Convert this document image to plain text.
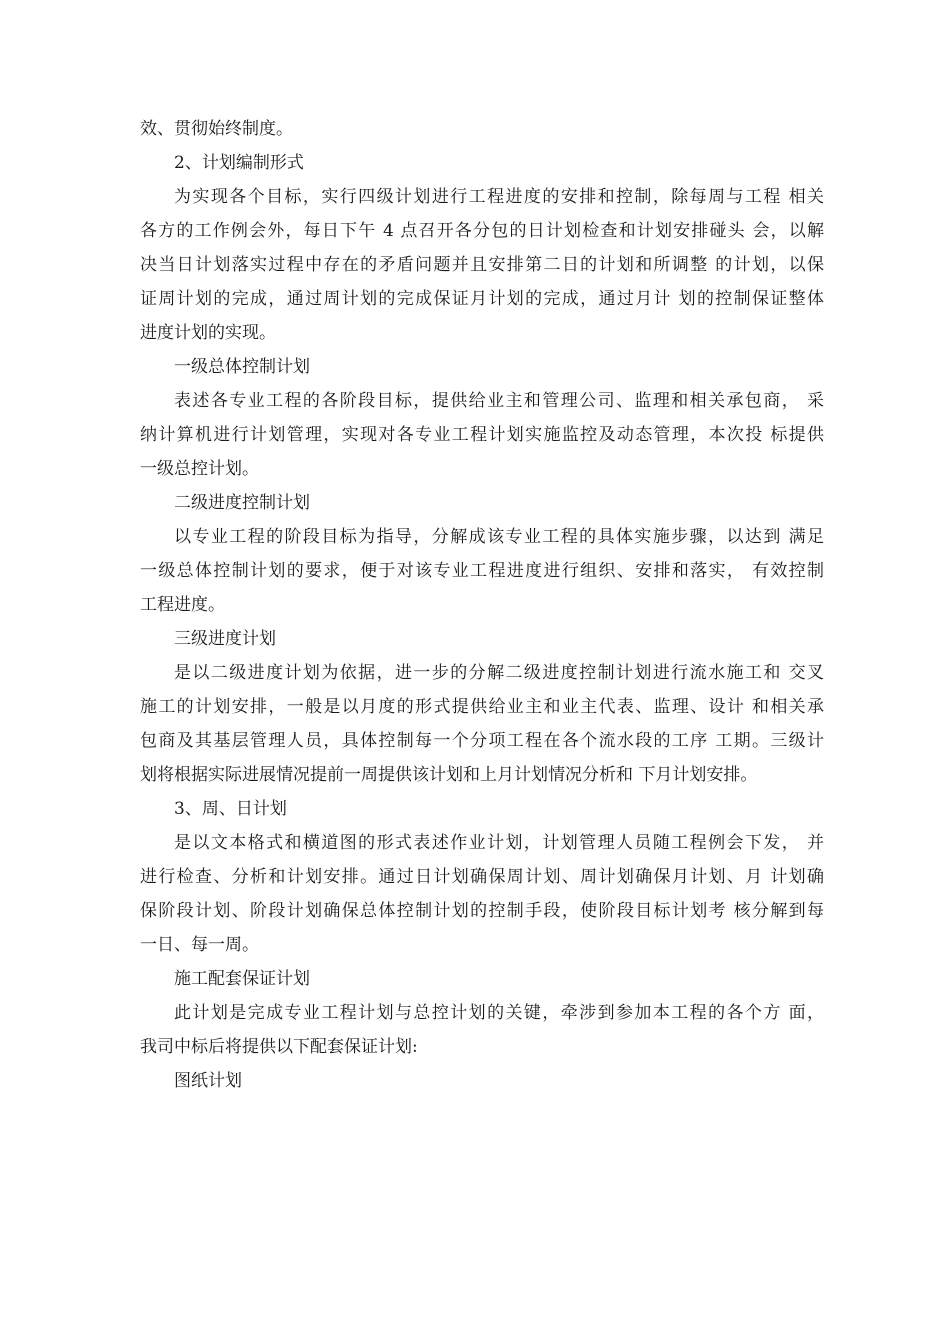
效、贯彻始终制度。
2、计划编制形式
为实现各个目标，实行四级计划进行工程进度的安排和控制，除每周与工程 相关
各方的工作例会外，每日下午 4 点召开各分包的日计划检查和计划安排碰头 会，以解
决当日计划落实过程中存在的矛盾问题并且安排第二日的计划和所调整 的计划，以保
证周计划的完成，通过周计划的完成保证月计划的完成，通过月计 划的控制保证整体
进度计划的实现。
一级总体控制计划
表述各专业工程的各阶段目标，提供给业主和管理公司、监理和相关承包商， 采
纳计算机进行计划管理，实现对各专业工程计划实施监控及动态管理，本次投 标提供
一级总控计划。
二级进度控制计划
以专业工程的阶段目标为指导，分解成该专业工程的具体实施步骤，以达到 满足
一级总体控制计划的要求，便于对该专业工程进度进行组织、安排和落实， 有效控制
工程进度。
三级进度计划
是以二级进度计划为依据，进一步的分解二级进度控制计划进行流水施工和 交叉
施工的计划安排，一般是以月度的形式提供给业主和业主代表、监理、设计 和相关承
包商及其基层管理人员，具体控制每一个分项工程在各个流水段的工序 工期。三级计
划将根据实际进展情况提前一周提供该计划和上月计划情况分析和 下月计划安排。
3、周、日计划
是以文本格式和横道图的形式表述作业计划，计划管理人员随工程例会下发， 并
进行检查、分析和计划安排。通过日计划确保周计划、周计划确保月计划、月 计划确
保阶段计划、阶段计划确保总体控制计划的控制手段，使阶段目标计划考 核分解到每
一日、每一周。
施工配套保证计划
此计划是完成专业工程计划与总控计划的关键，牵涉到参加本工程的各个方 面，
我司中标后将提供以下配套保证计划:
图纸计划
